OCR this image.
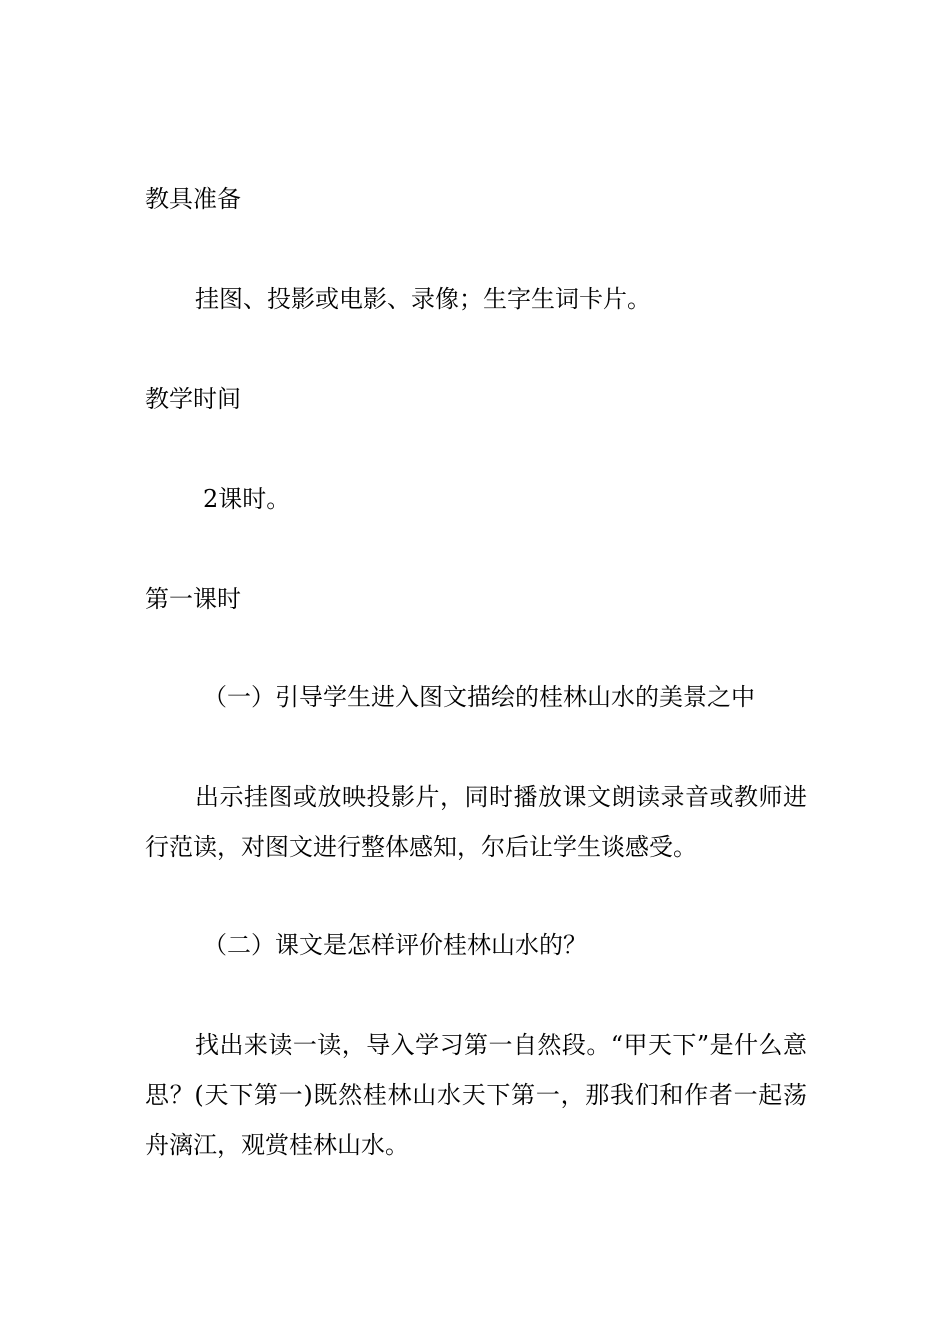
教具准备
挂图、投影或电影、录像；生字生词卡片。
教学时间
2课时。
第一课时
（一）引导学生进入图文描绘的桂林山水的美景之中
出示挂图或放映投影片，同时播放课文朗读录音或教师进行范读，对图文进行整体感知，尔后让学生谈感受。
（二）课文是怎样评价桂林山水的？
找出来读一读，导入学习第一自然段。“甲天下”是什么意思？(天下第一)既然桂林山水天下第一，那我们和作者一起荡舟漓江，观赏桂林山水。
